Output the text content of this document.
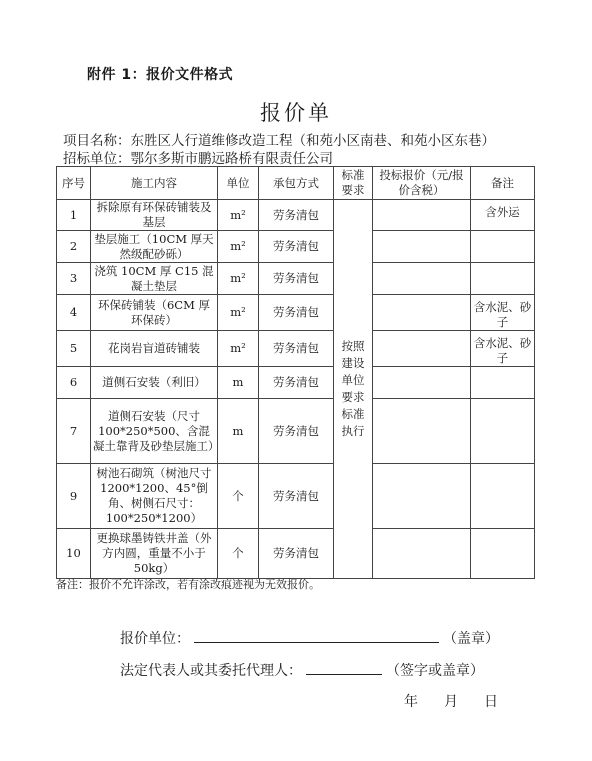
附件 1：报价文件格式
报价单
项目名称：东胜区人行道维修改造工程（和苑小区南巷、和苑小区东巷）
招标单位：鄂尔多斯市鹏远路桥有限责任公司
序号	施工内容	单位	承包方式	标准要求	投标报价（元/报价含税）	备注
1	拆除原有环保砖铺装及基层	m²	劳务清包	按照建设单位要求标准执行		含外运
2	垫层施工（10CM 厚天然级配砂砾）	m²	劳务清包			
3	浇筑 10CM 厚 C15 混凝土垫层	m²	劳务清包			
4	环保砖铺装（6CM 厚环保砖）	m²	劳务清包			含水泥、砂子
5	花岗岩盲道砖铺装	m²	劳务清包			含水泥、砂子
6	道侧石安装（利旧）	m	劳务清包			
7	道侧石安装（尺寸100*250*500、含混凝土靠背及砂垫层施工）	m	劳务清包			
9	树池石砌筑（树池尺寸 1200*1200、45°倒角、树侧石尺寸：100*250*1200）	个	劳务清包			
10	更换球墨铸铁井盖（外方内圆，重量不小于 50kg）	个	劳务清包			
备注：报价不允许涂改，若有涂改痕迹视为无效报价。
报价单位：	（盖章）
法定代表人或其委托代理人：	（签字或盖章）
年 月 日
